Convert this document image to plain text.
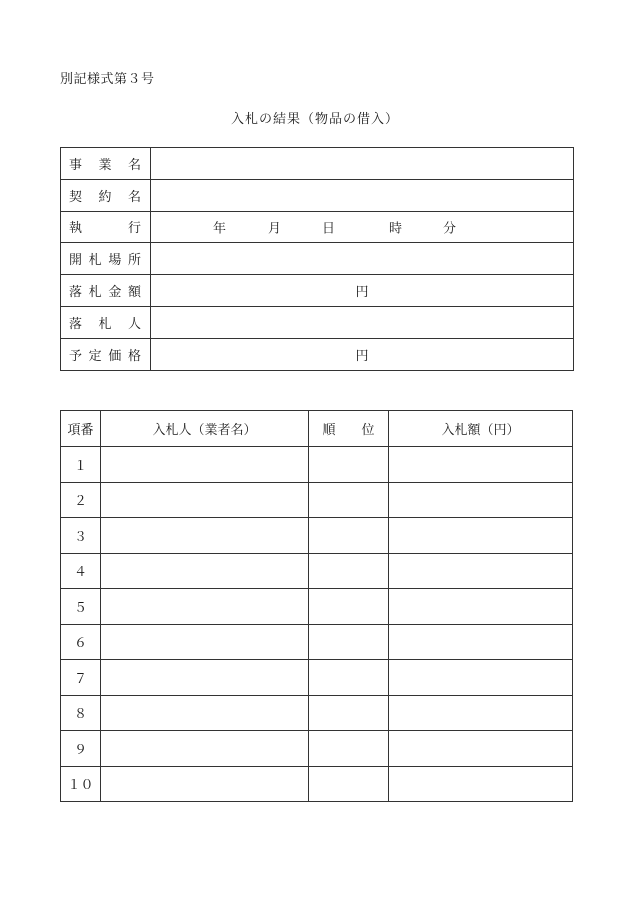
別記様式第３号
入札の結果（物品の借入）
事 業 名	

契 約 名	

執 行	年 月 日 時 分

開 札 場 所	

落 札 金 額	円

落 札 人	

予 定 価 格	円
項番	入札人（業者名）	順 位	入札額（円）
１			
２			
３			
４			
５			
６			
７			
８			
９			
１０			
